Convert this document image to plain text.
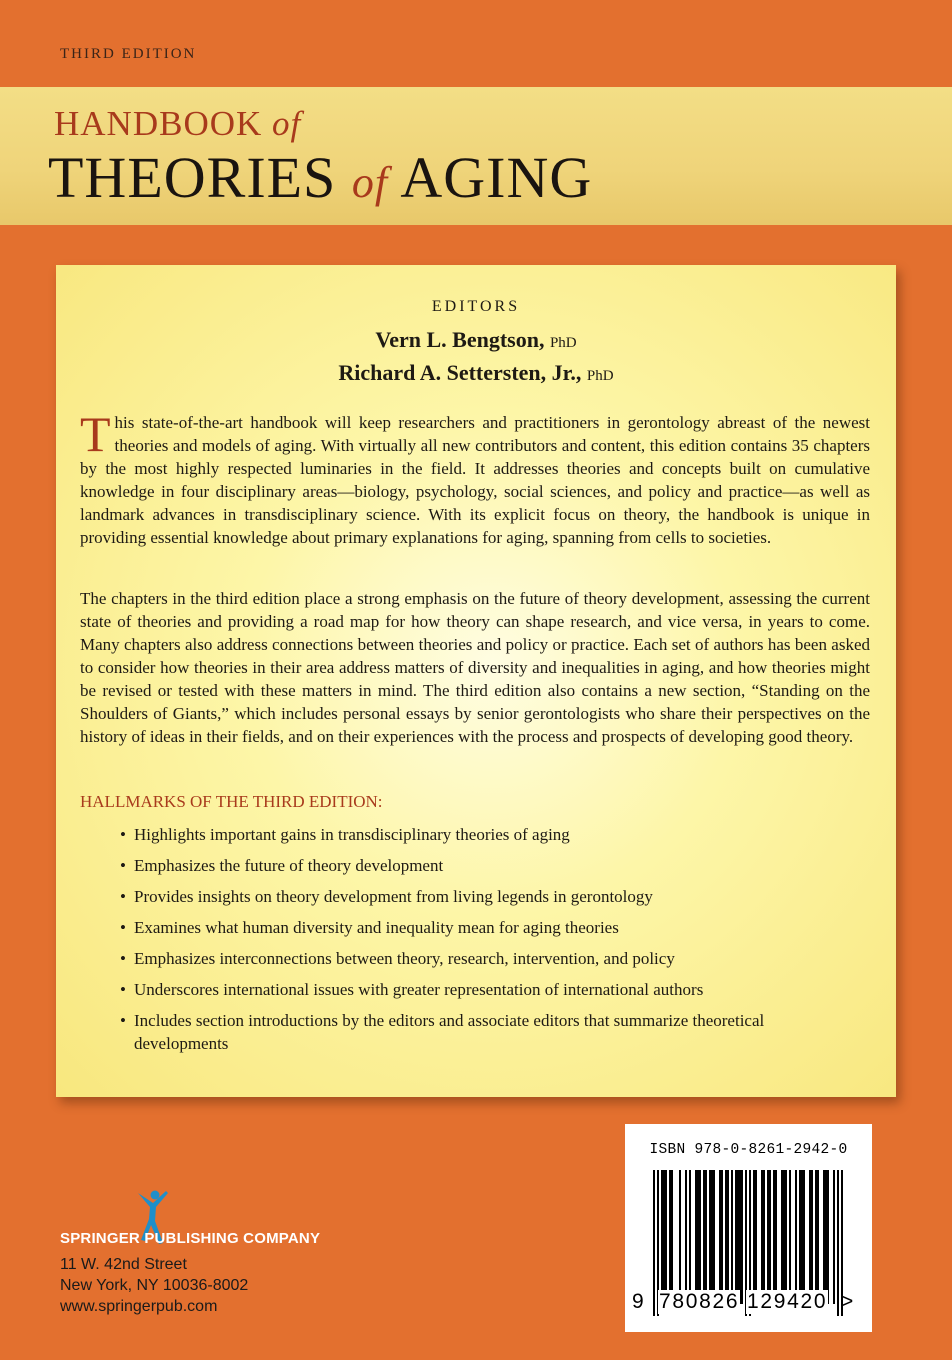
THIRD EDITION
HANDBOOK of
THEORIES of AGING
EDITORS
Vern L. Bengtson, PhD
Richard A. Settersten, Jr., PhD
This state-of-the-art handbook will keep researchers and practitioners in gerontology abreast of the newest theories and models of aging. With virtually all new contributors and content, this edition contains 35 chapters by the most highly respected luminaries in the field. It addresses theories and concepts built on cumulative knowledge in four disciplinary areas—biology, psychology, social sciences, and policy and practice—as well as landmark advances in transdisciplinary science. With its explicit focus on theory, the handbook is unique in providing essential knowledge about primary explanations for aging, spanning from cells to societies.
The chapters in the third edition place a strong emphasis on the future of theory development, assessing the current state of theories and providing a road map for how theory can shape research, and vice versa, in years to come. Many chapters also address connections between theories and policy or practice. Each set of authors has been asked to consider how theories in their area address matters of diversity and inequalities in aging, and how theories might be revised or tested with these matters in mind. The third edition also contains a new section, “Standing on the Shoulders of Giants,” which includes personal essays by senior gerontologists who share their perspectives on the history of ideas in their fields, and on their experiences with the process and prospects of developing good theory.
HALLMARKS OF THE THIRD EDITION:
• Highlights important gains in transdisciplinary theories of aging
• Emphasizes the future of theory development
• Provides insights on theory development from living legends in gerontology
• Examines what human diversity and inequality mean for aging theories
• Emphasizes interconnections between theory, research, intervention, and policy
• Underscores international issues with greater representation of international authors
• Includes section introductions by the editors and associate editors that summarize theoretical developments
SPRINGER PUBLISHING COMPANY
11 W. 42nd Street
New York, NY 10036-8002
www.springerpub.com
ISBN 978-0-8261-2942-0
9 780826 129420 >
